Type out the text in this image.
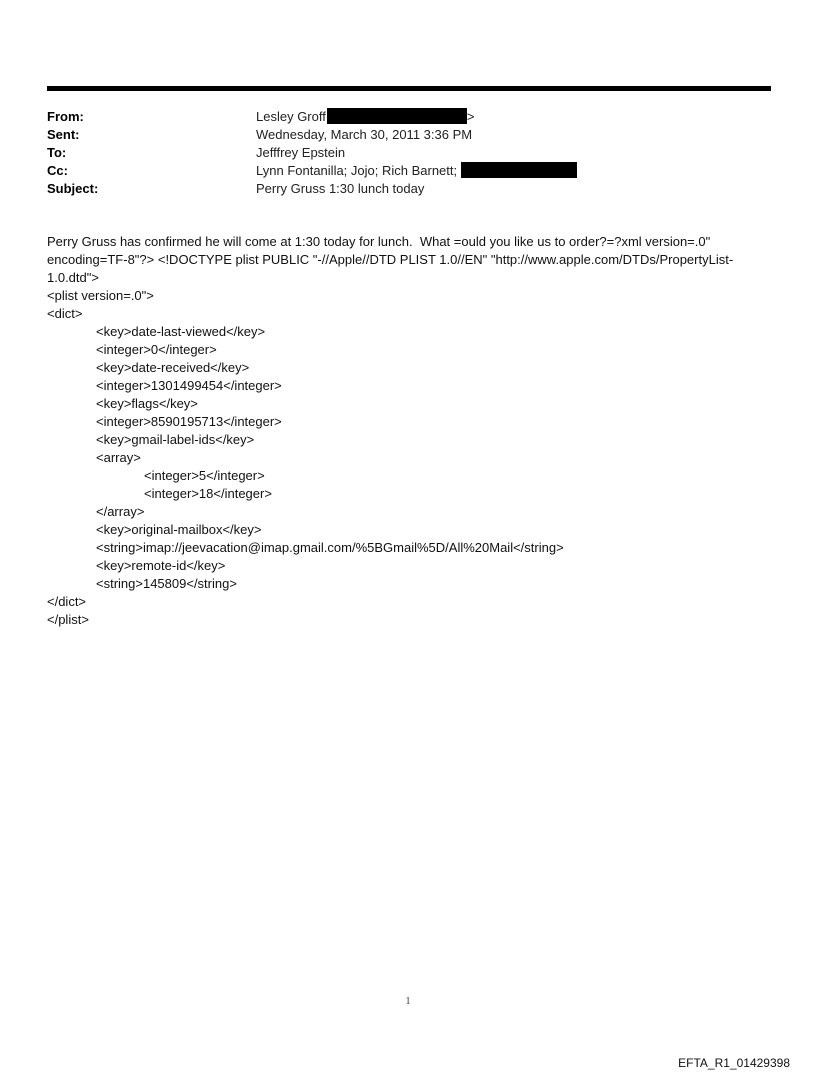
From:	Lesley Groff	>
Sent:	Wednesday, March 30, 2011 3:36 PM
To:	Jefffrey Epstein
Cc:	Lynn Fontanilla; Jojo; Rich Barnett;
Subject:	Perry Gruss 1:30 lunch today
Perry Gruss has confirmed he will come at 1:30 today for lunch.  What =ould you like us to order?=?xml version=.0"
encoding=TF-8"?> <!DOCTYPE plist PUBLIC "-//Apple//DTD PLIST 1.0//EN" "http://www.apple.com/DTDs/PropertyList-
1.0.dtd">
<plist version=.0">
<dict>
<key>date-last-viewed</key>
<integer>0</integer>
<key>date-received</key>
<integer>1301499454</integer>
<key>flags</key>
<integer>8590195713</integer>
<key>gmail-label-ids</key>
<array>
<integer>5</integer>
<integer>18</integer>
</array>
<key>original-mailbox</key>
<string>imap://jeevacation@imap.gmail.com/%5BGmail%5D/All%20Mail</string>
<key>remote-id</key>
<string>145809</string>
</dict>
</plist>
1
EFTA_R1_01429398
